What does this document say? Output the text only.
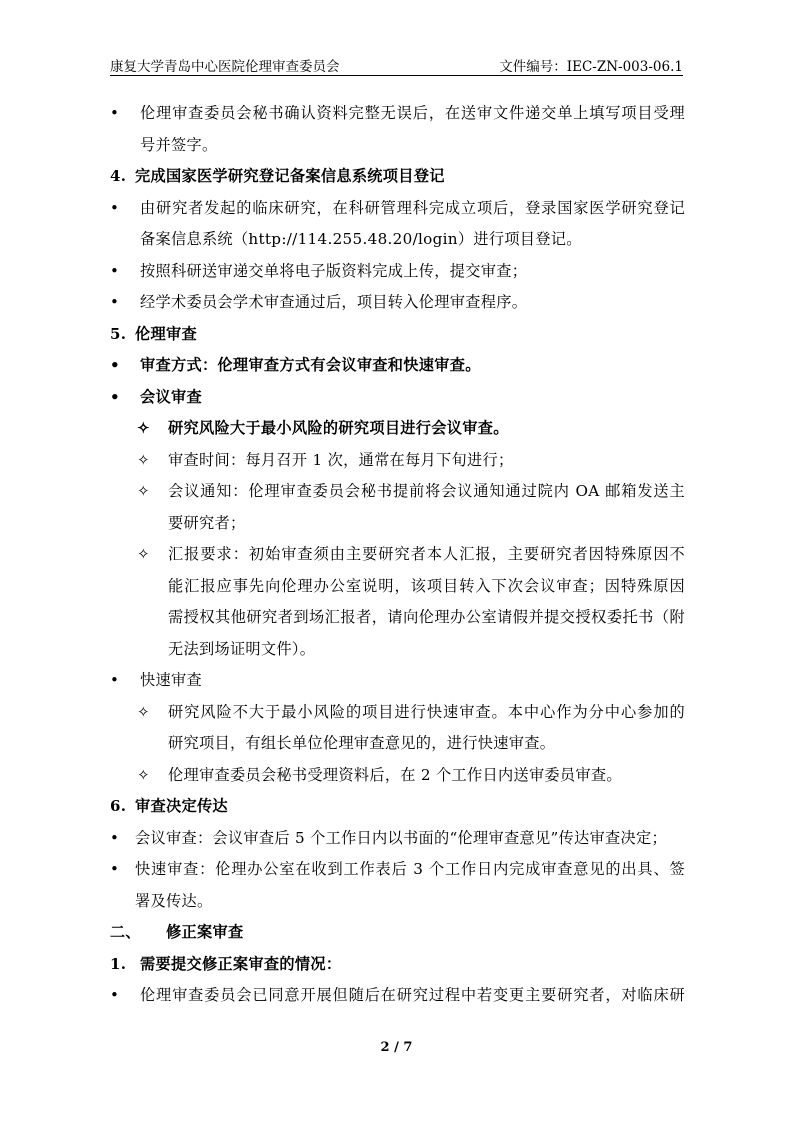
康复大学青岛中心医院伦理审查委员会	文件编号：IEC-ZN-003-06.1
• 伦理审查委员会秘书确认资料完整无误后，在送审文件递交单上填写项目受理
号并签字。
4. 完成国家医学研究登记备案信息系统项目登记
• 由研究者发起的临床研究，在科研管理科完成立项后，登录国家医学研究登记
备案信息系统（http://114.255.48.20/login）进行项目登记。
• 按照科研送审递交单将电子版资料完成上传，提交审查；
• 经学术委员会学术审查通过后，项目转入伦理审查程序。
5. 伦理审查
• 审查方式：伦理审查方式有会议审查和快速审查。
• 会议审查
✧ 研究风险大于最小风险的研究项目进行会议审查。
✧ 审查时间：每月召开 1 次，通常在每月下旬进行；
✧ 会议通知：伦理审查委员会秘书提前将会议通知通过院内 OA 邮箱发送主
要研究者；
✧ 汇报要求：初始审查须由主要研究者本人汇报，主要研究者因特殊原因不
能汇报应事先向伦理办公室说明，该项目转入下次会议审查；因特殊原因
需授权其他研究者到场汇报者，请向伦理办公室请假并提交授权委托书（附
无法到场证明文件）。
• 快速审查
✧ 研究风险不大于最小风险的项目进行快速审查。本中心作为分中心参加的
研究项目，有组长单位伦理审查意见的，进行快速审查。
✧ 伦理审查委员会秘书受理资料后，在 2 个工作日内送审委员审查。
6. 审查决定传达
• 会议审查：会议审查后 5 个工作日内以书面的“伦理审查意见”传达审查决定；
• 快速审查：伦理办公室在收到工作表后 3 个工作日内完成审查意见的出具、签
署及传达。
二、 修正案审查
1. 需要提交修正案审查的情况：
• 伦理审查委员会已同意开展但随后在研究过程中若变更主要研究者，对临床研
2 / 7
